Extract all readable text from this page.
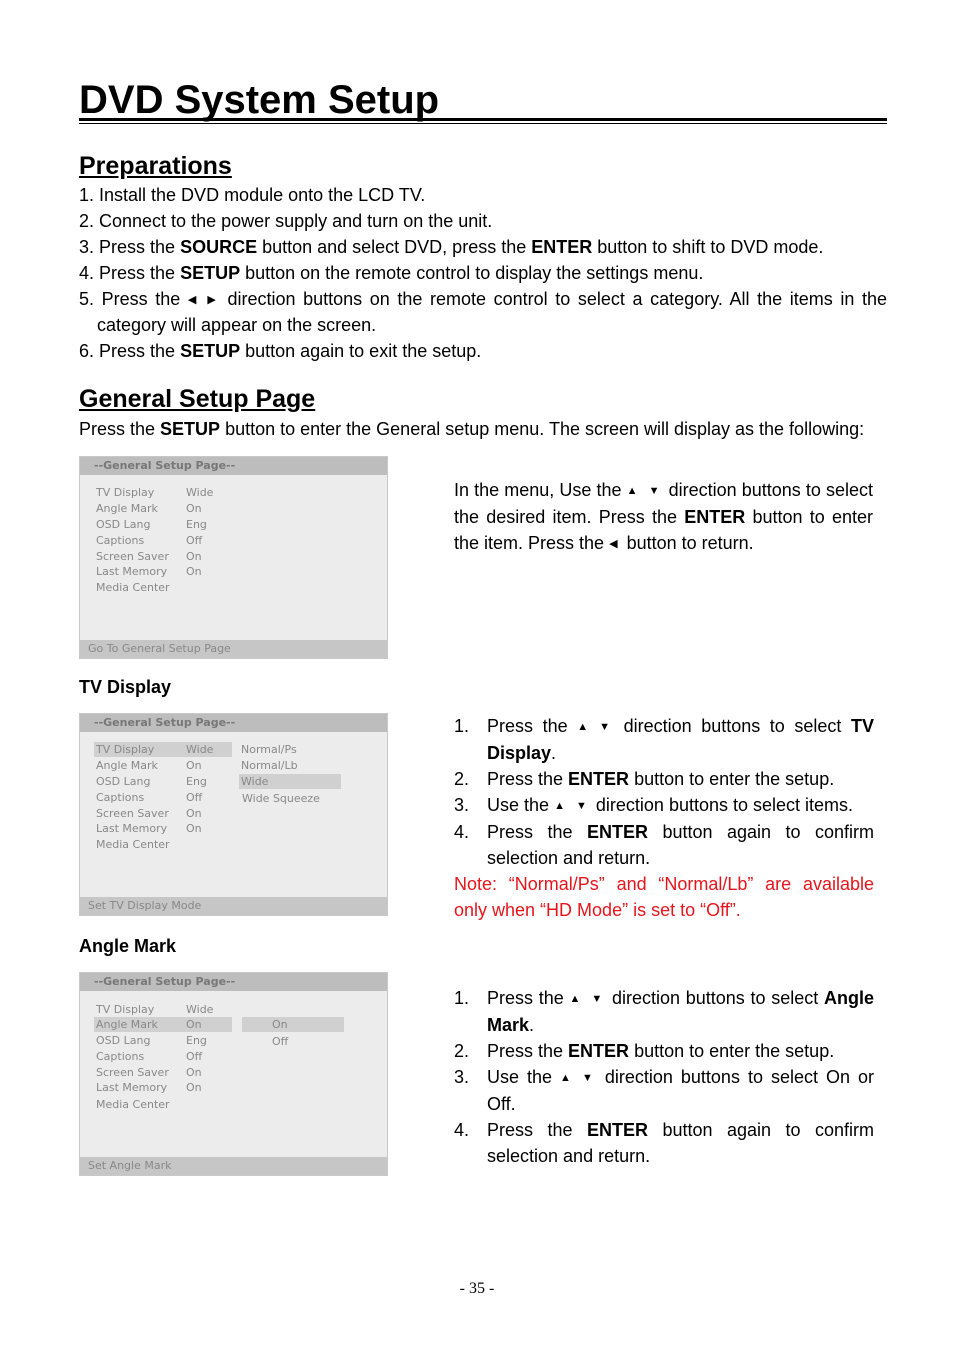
DVD System Setup
Preparations
1. Install the DVD module onto the LCD TV.
2. Connect to the power supply and turn on the unit.
3. Press the SOURCE button and select DVD, press the ENTER button to shift to DVD mode.
4. Press the SETUP button on the remote control to display the settings menu.
5. Press the ◀ ▶ direction buttons on the remote control to select a category. All the items in the
category will appear on the screen.
6. Press the SETUP button again to exit the setup.
General Setup Page
Press the SETUP button to enter the General setup menu. The screen will display as the following:
--General Setup Page--
TV Display	Wide
Angle Mark	On
OSD Lang	Eng
Captions	Off
Screen Saver	On
Last Memory	On
Media Center
Go To General Setup Page
In the menu, Use the ▲ ▼ direction buttons to select the desired item. Press the ENTER button to enter the item. Press the ◀ button to return.
TV Display
--General Setup Page--
TV Display	Wide
Angle Mark	On
OSD Lang	Eng
Captions	Off
Screen Saver	On
Last Memory	On
Media Center
Normal/Ps
Normal/Lb
Wide
Wide Squeeze
Set TV Display Mode
1. Press the ▲ ▼ direction buttons to select TV Display.
2. Press the ENTER button to enter the setup.
3. Use the ▲ ▼ direction buttons to select items.
4. Press the ENTER button again to confirm selection and return.
Note: “Normal/Ps” and “Normal/Lb” are available only when “HD Mode” is set to “Off”.
Angle Mark
--General Setup Page--
TV Display	Wide
Angle Mark	On
OSD Lang	Eng
Captions	Off
Screen Saver	On
Last Memory	On
Media Center
On
Off
Set Angle Mark
1. Press the ▲ ▼ direction buttons to select Angle Mark.
2. Press the ENTER button to enter the setup.
3. Use the ▲ ▼ direction buttons to select On or Off.
4. Press the ENTER button again to confirm selection and return.
- 35 -
